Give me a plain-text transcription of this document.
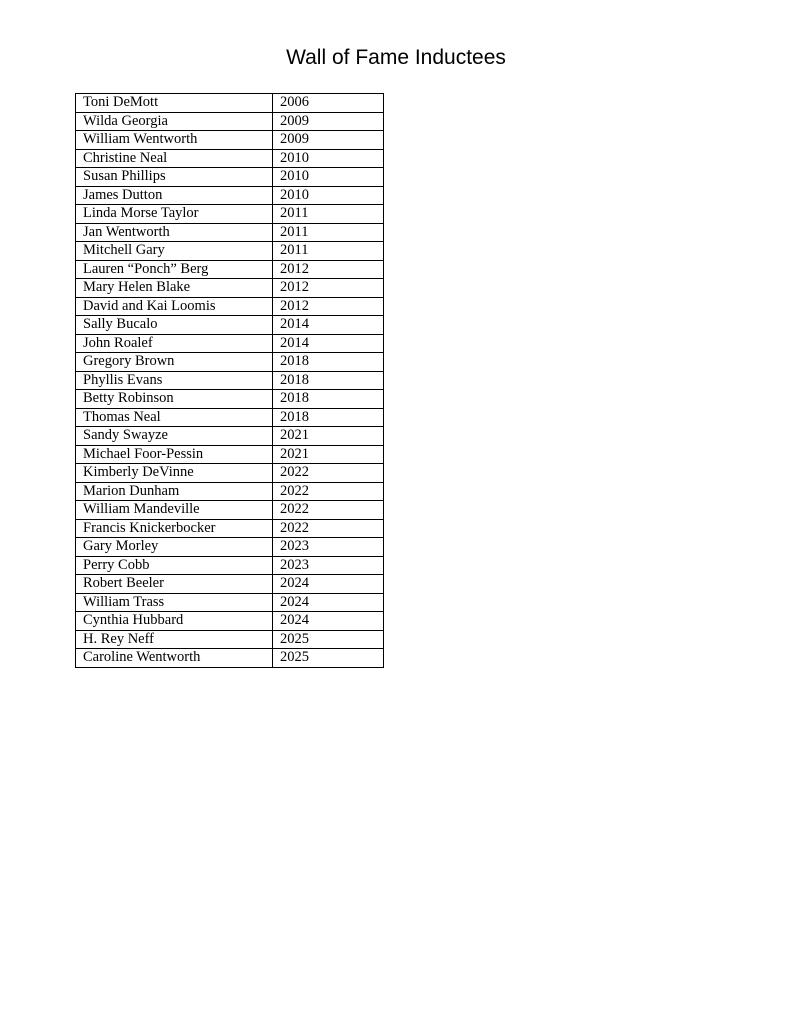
Wall of Fame Inductees
Toni DeMott	2006
Wilda Georgia	2009
William Wentworth	2009
Christine Neal	2010
Susan Phillips	2010
James Dutton	2010
Linda Morse Taylor	2011
Jan Wentworth	2011
Mitchell Gary	2011
Lauren “Ponch” Berg	2012
Mary Helen Blake	2012
David and Kai Loomis	2012
Sally Bucalo	2014
John Roalef	2014
Gregory Brown	2018
Phyllis Evans	2018
Betty Robinson	2018
Thomas Neal	2018
Sandy Swayze	2021
Michael Foor-Pessin	2021
Kimberly DeVinne	2022
Marion Dunham	2022
William Mandeville	2022
Francis Knickerbocker	2022
Gary Morley	2023
Perry Cobb	2023
Robert Beeler	2024
William Trass	2024
Cynthia Hubbard	2024
H. Rey Neff	2025
Caroline Wentworth	2025
